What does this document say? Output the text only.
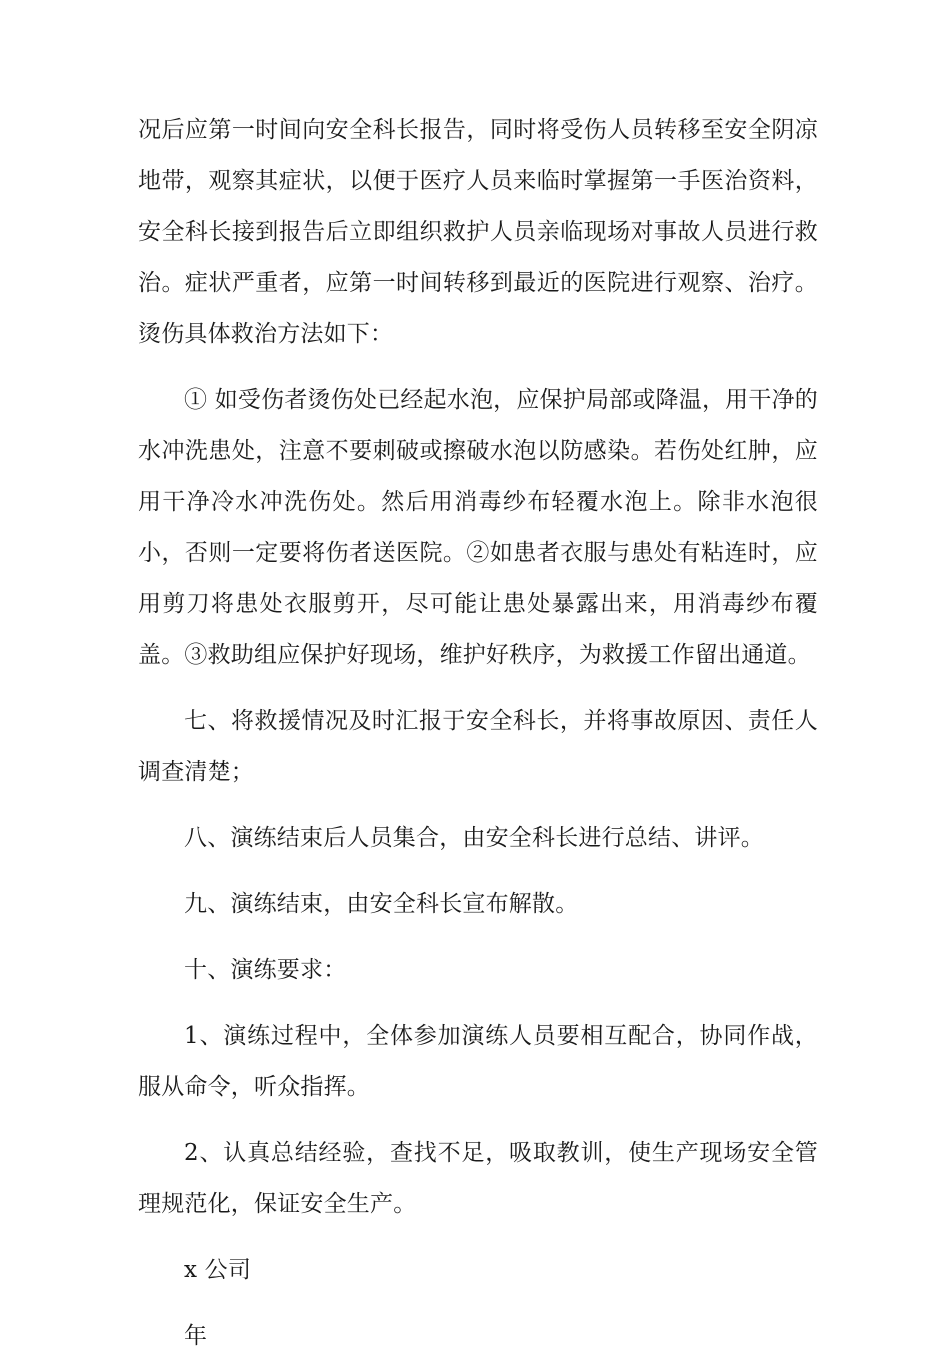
况后应第一时间向安全科长报告，同时将受伤人员转移至安全阴凉地带，观察其症状，以便于医疗人员来临时掌握第一手医治资料，安全科长接到报告后立即组织救护人员亲临现场对事故人员进行救治。症状严重者，应第一时间转移到最近的医院进行观察、治疗。烫伤具体救治方法如下：

① 如受伤者烫伤处已经起水泡，应保护局部或降温，用干净的水冲洗患处，注意不要刺破或擦破水泡以防感染。若伤处红肿，应用干净冷水冲洗伤处。然后用消毒纱布轻覆水泡上。除非水泡很小，否则一定要将伤者送医院。②如患者衣服与患处有粘连时，应用剪刀将患处衣服剪开，尽可能让患处暴露出来，用消毒纱布覆盖。③救助组应保护好现场，维护好秩序，为救援工作留出通道。

七、将救援情况及时汇报于安全科长，并将事故原因、责任人调查清楚；

八、演练结束后人员集合，由安全科长进行总结、讲评。

九、演练结束，由安全科长宣布解散。

十、演练要求：

1、演练过程中，全体参加演练人员要相互配合，协同作战，服从命令，听众指挥。

2、认真总结经验，查找不足，吸取教训，使生产现场安全管理规范化，保证安全生产。

x 公司

年
